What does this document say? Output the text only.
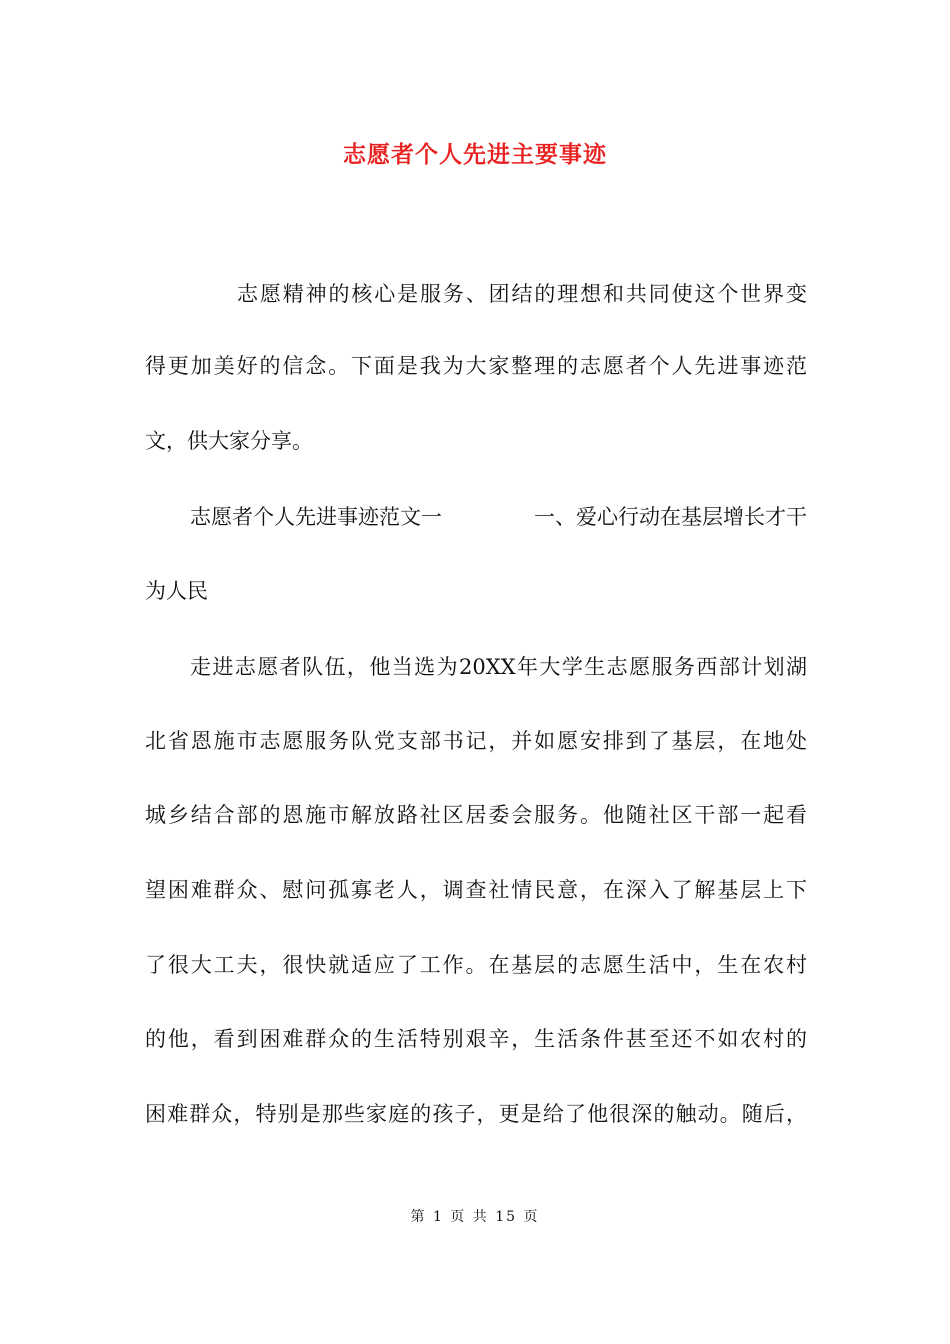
志愿者个人先进主要事迹

志愿精神的核心是服务、团结的理想和共同使这个世界变

得更加美好的信念。下面是我为大家整理的志愿者个人先进事迹范

文，供大家分享。

志愿者个人先进事迹范文一	一、爱心行动在基层增长才干

为人民

走进志愿者队伍，他当选为20XX年大学生志愿服务西部计划湖

北省恩施市志愿服务队党支部书记，并如愿安排到了基层，在地处

城乡结合部的恩施市解放路社区居委会服务。他随社区干部一起看

望困难群众、慰问孤寡老人，调查社情民意，在深入了解基层上下

了很大工夫，很快就适应了工作。在基层的志愿生活中，生在农村

的他，看到困难群众的生活特别艰辛，生活条件甚至还不如农村的

困难群众，特别是那些家庭的孩子，更是给了他很深的触动。随后，

第 1 页 共 15 页
